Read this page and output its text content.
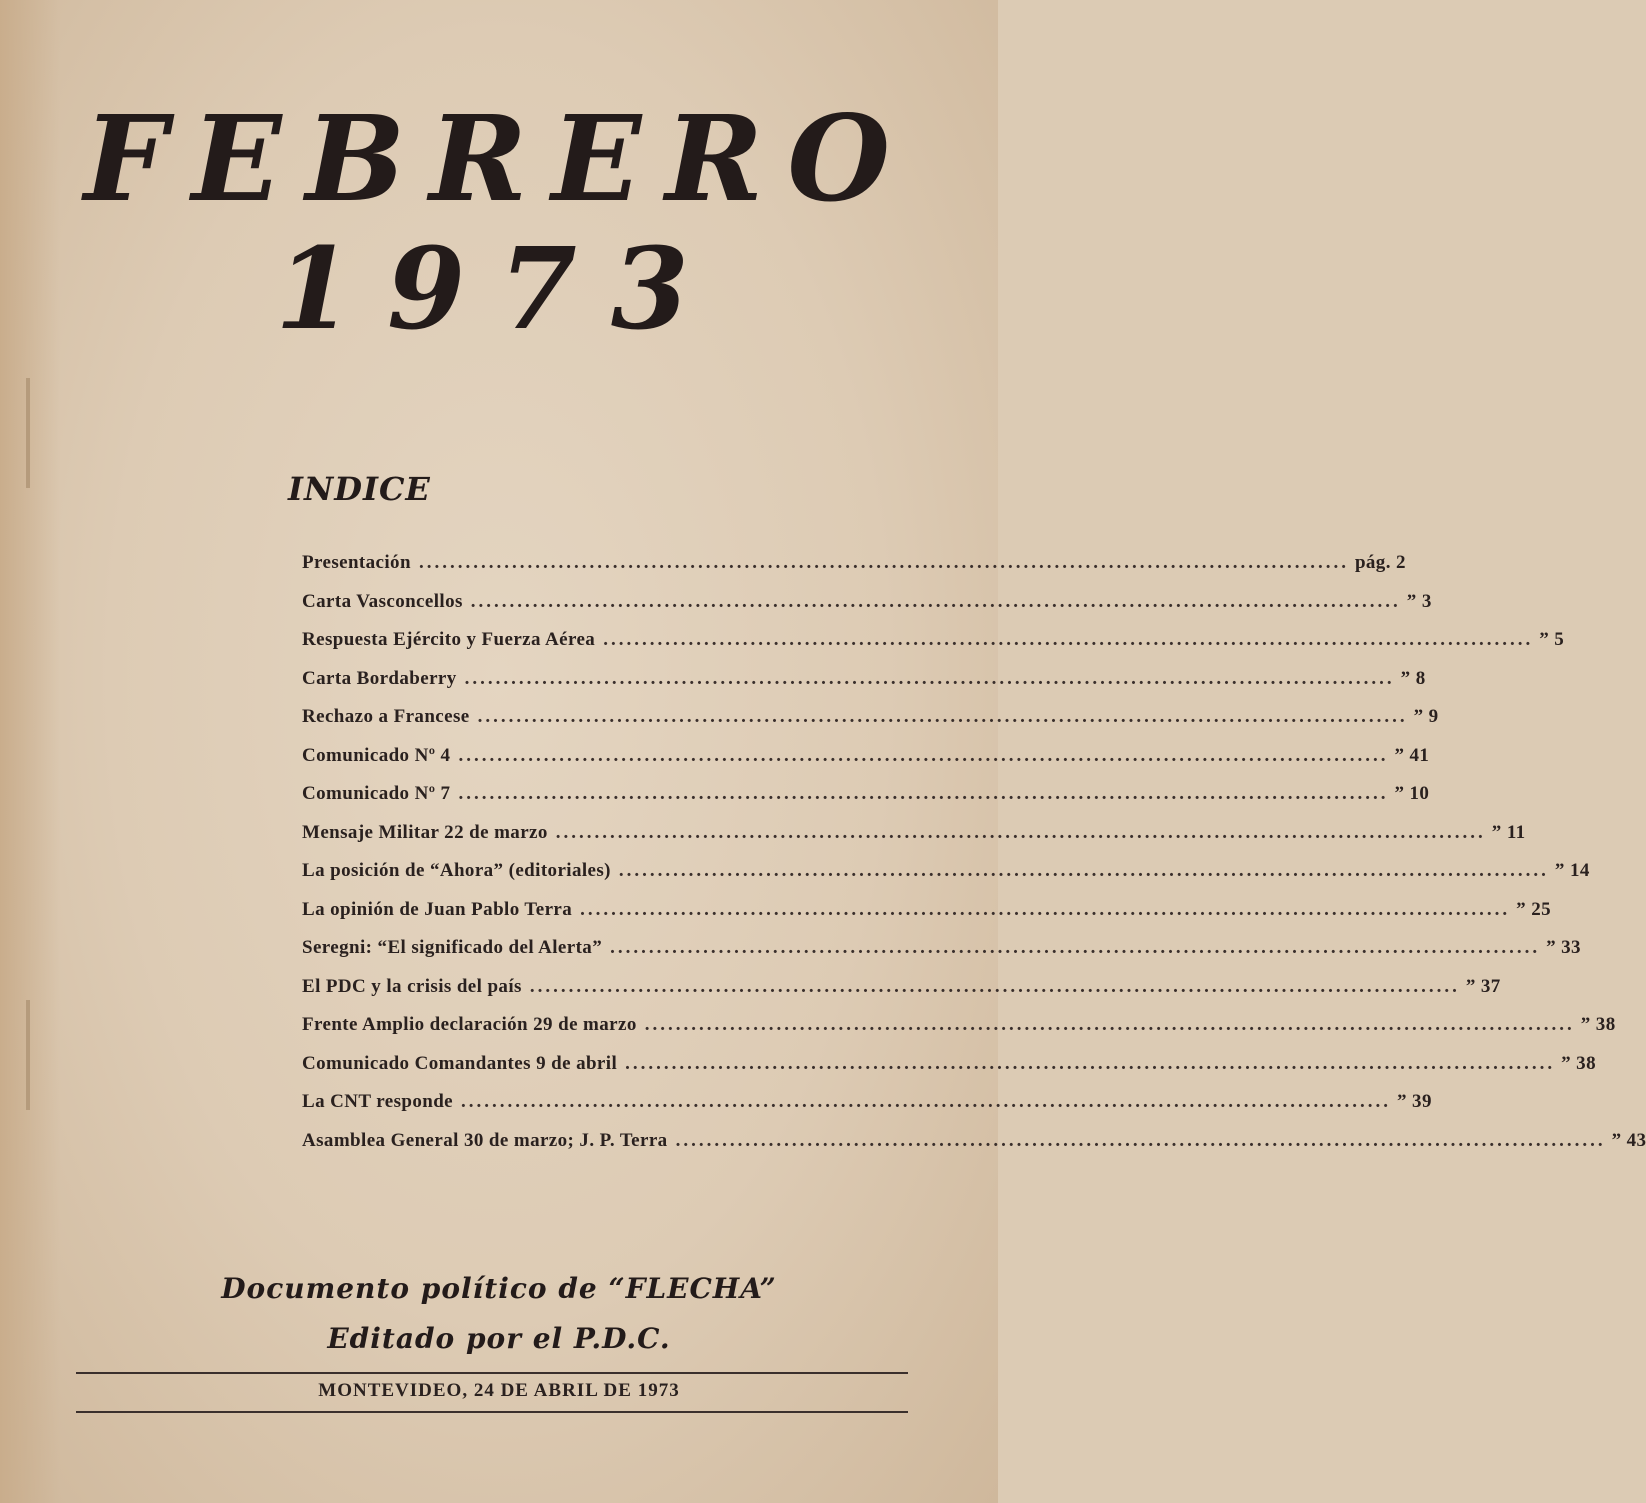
FEBRERO
1973
INDICE
Presentación ........................................................................................................................ pág. 2
Carta Vasconcellos ........................................................................................................................ ” 3
Respuesta Ejército y Fuerza Aérea ........................................................................................................................ ” 5
Carta Bordaberry ........................................................................................................................ ” 8
Rechazo a Francese ........................................................................................................................ ” 9
Comunicado Nº 4 ........................................................................................................................ ” 41
Comunicado Nº 7 ........................................................................................................................ ” 10
Mensaje Militar 22 de marzo ........................................................................................................................ ” 11
La posición de “Ahora” (editoriales) ........................................................................................................................ ” 14
La opinión de Juan Pablo Terra ........................................................................................................................ ” 25
Seregni: “El significado del Alerta” ........................................................................................................................ ” 33
El PDC y la crisis del país ........................................................................................................................ ” 37
Frente Amplio declaración 29 de marzo ........................................................................................................................ ” 38
Comunicado Comandantes 9 de abril ........................................................................................................................ ” 38
La CNT responde ........................................................................................................................ ” 39
Asamblea General 30 de marzo; J. P. Terra ........................................................................................................................ ” 43

Documento político de “FLECHA”

Editado por el P.D.C.

MONTEVIDEO, 24 DE ABRIL DE 1973
